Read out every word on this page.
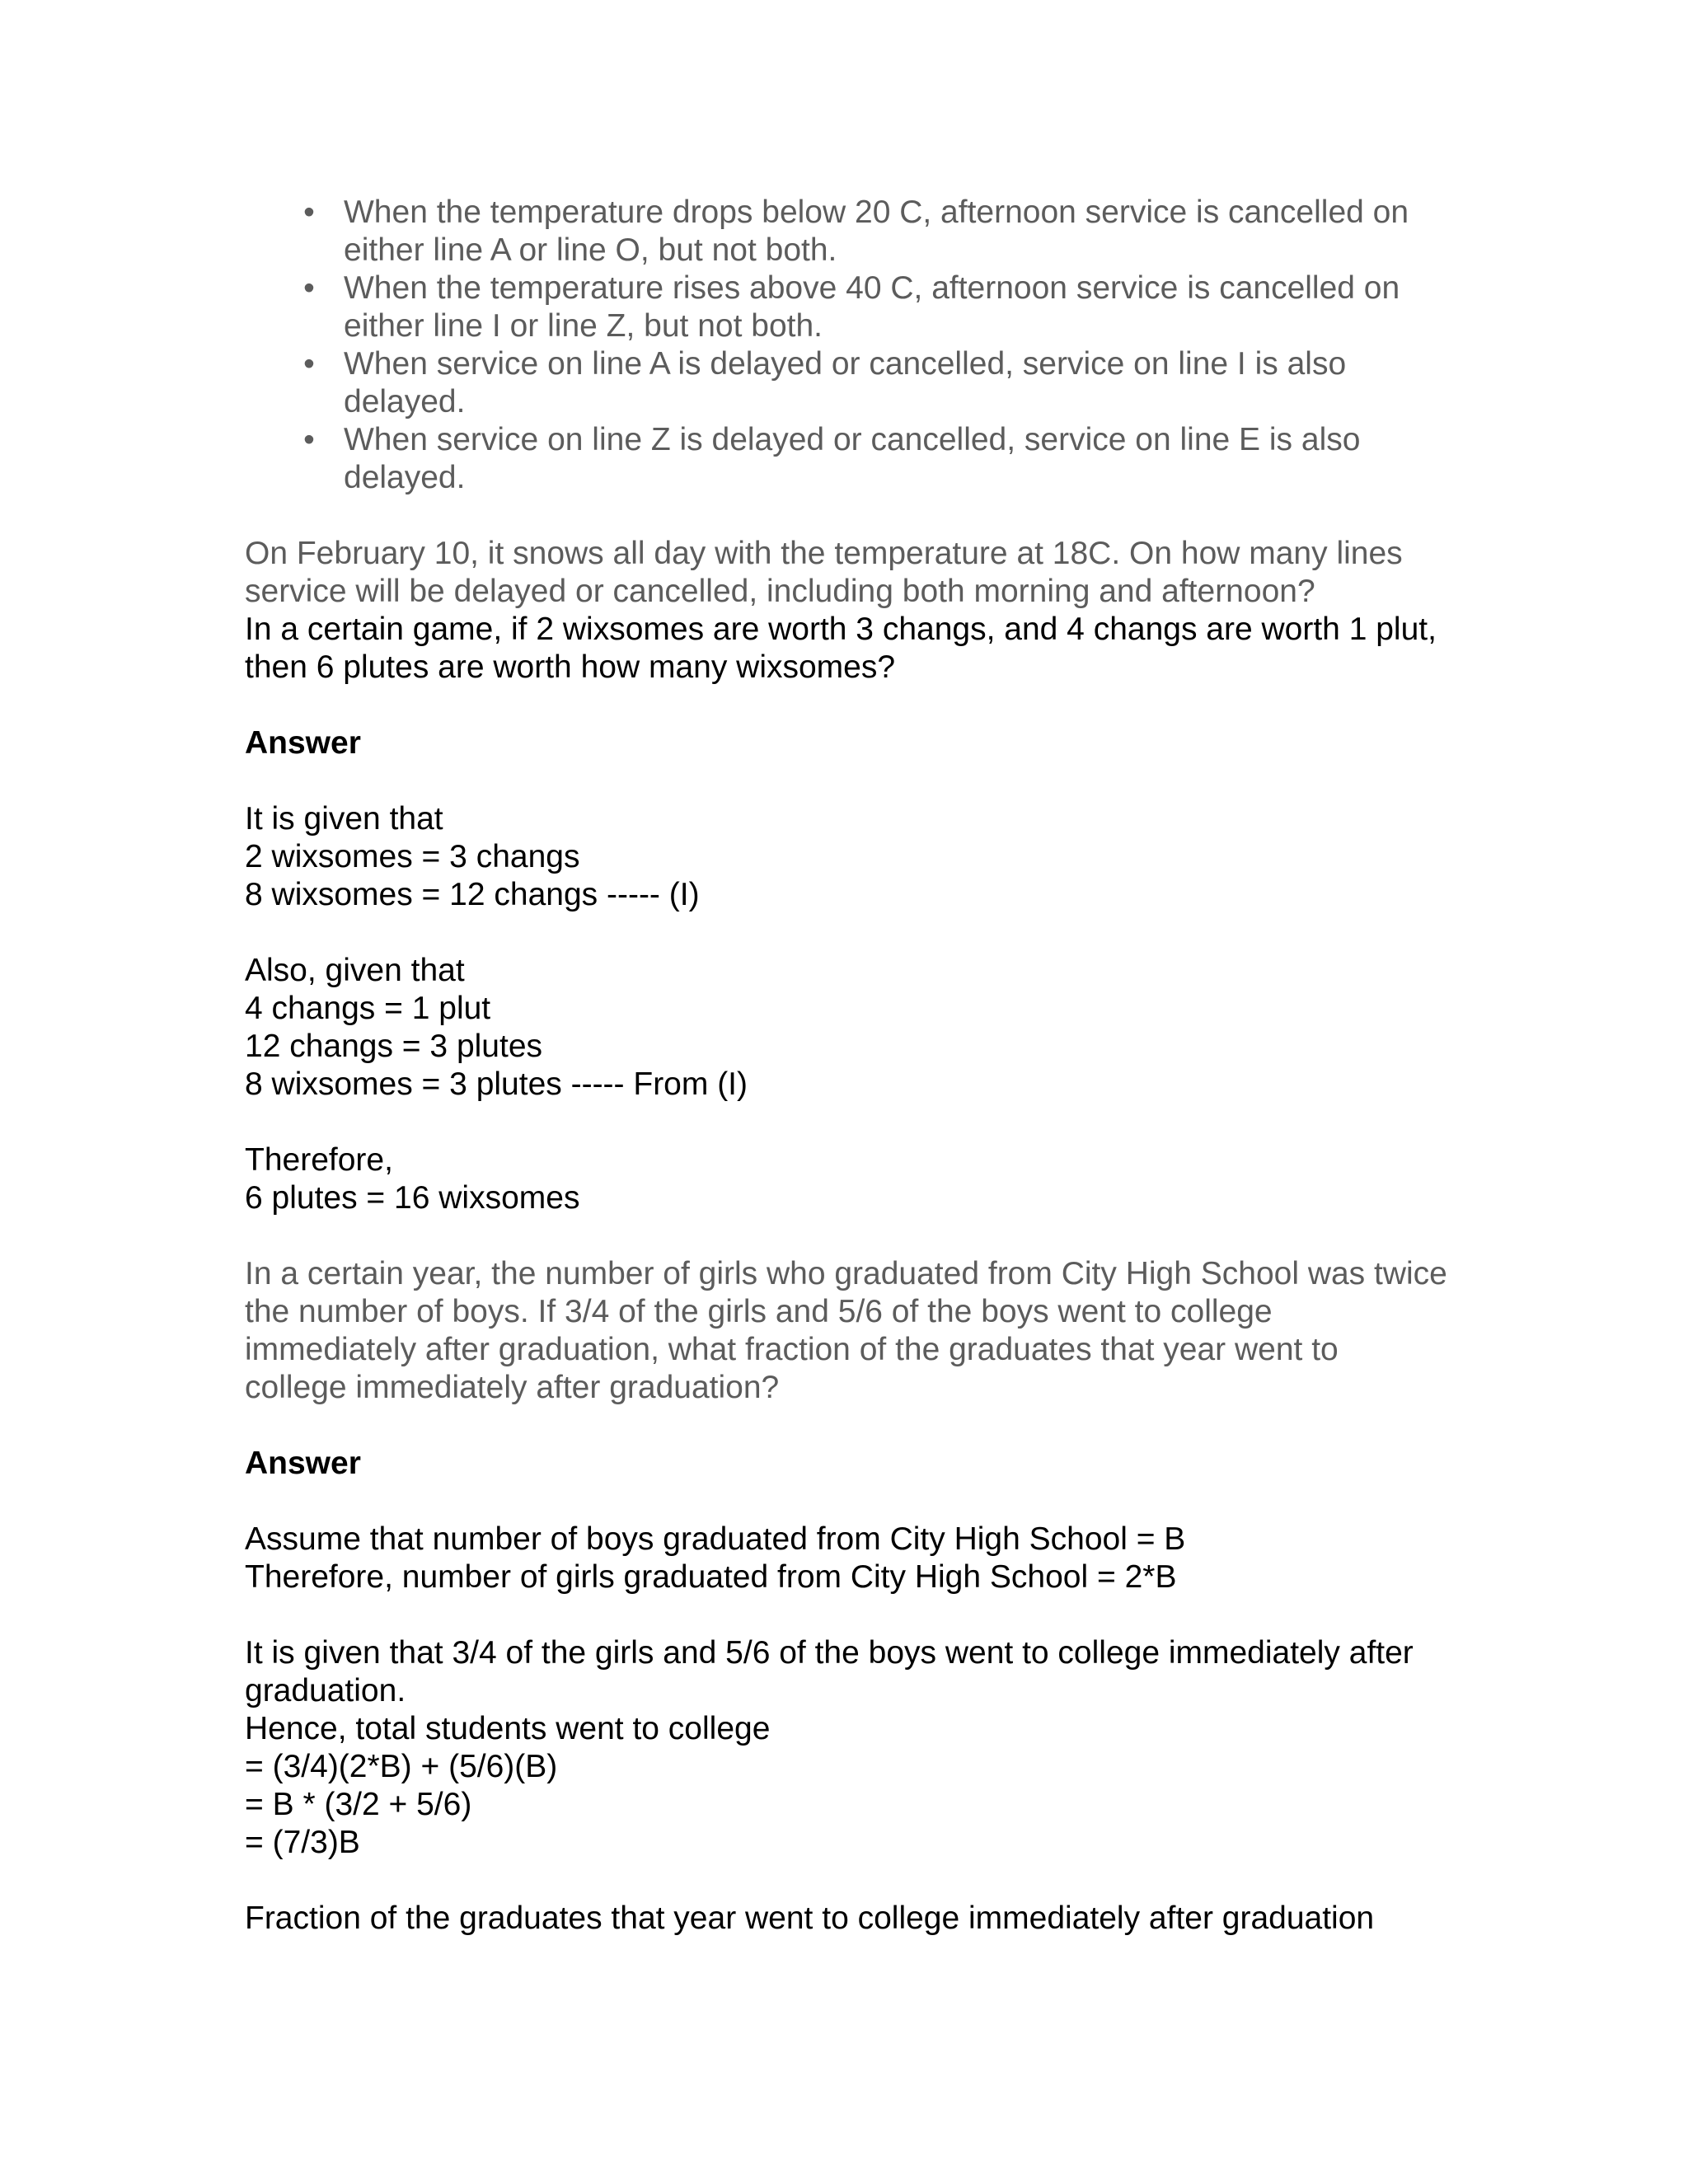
• When the temperature drops below 20 C, afternoon service is cancelled on either line A or line O, but not both.
• When the temperature rises above 40 C, afternoon service is cancelled on either line I or line Z, but not both.
• When service on line A is delayed or cancelled, service on line I is also delayed.
• When service on line Z is delayed or cancelled, service on line E is also delayed.

On February 10, it snows all day with the temperature at 18C. On how many lines service will be delayed or cancelled, including both morning and afternoon?

In a certain game, if 2 wixsomes are worth 3 changs, and 4 changs are worth 1 plut, then 6 plutes are worth how many wixsomes?

Answer

It is given that
2 wixsomes = 3 changs
8 wixsomes = 12 changs ----- (I)
Also, given that
4 changs = 1 plut
12 changs = 3 plutes
8 wixsomes = 3 plutes ----- From (I)
Therefore,
6 plutes = 16 wixsomes

In a certain year, the number of girls who graduated from City High School was twice the number of boys. If 3/4 of the girls and 5/6 of the boys went to college immediately after graduation, what fraction of the graduates that year went to college immediately after graduation?

Answer

Assume that number of boys graduated from City High School = B
Therefore, number of girls graduated from City High School = 2*B
It is given that 3/4 of the girls and 5/6 of the boys went to college immediately after graduation.
Hence, total students went to college
= (3/4)(2*B) + (5/6)(B)
= B * (3/2 + 5/6)
= (7/3)B

Fraction of the graduates that year went to college immediately after graduation
